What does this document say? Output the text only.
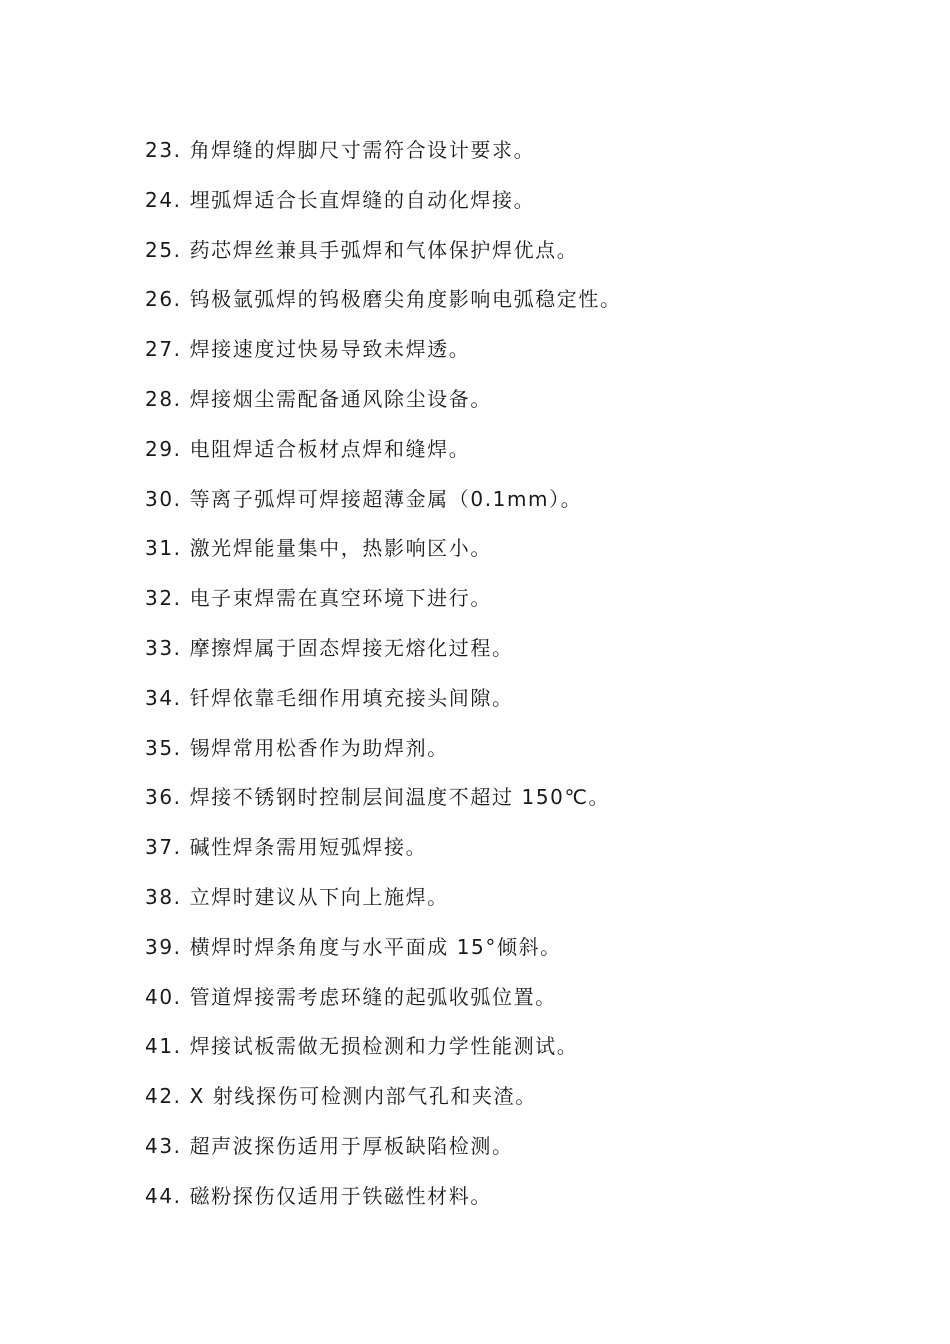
23. 角焊缝的焊脚尺寸需符合设计要求。
24. 埋弧焊适合长直焊缝的自动化焊接。
25. 药芯焊丝兼具手弧焊和气体保护焊优点。
26. 钨极氩弧焊的钨极磨尖角度影响电弧稳定性。
27. 焊接速度过快易导致未焊透。
28. 焊接烟尘需配备通风除尘设备。
29. 电阻焊适合板材点焊和缝焊。
30. 等离子弧焊可焊接超薄金属（0.1mm）。
31. 激光焊能量集中，热影响区小。
32. 电子束焊需在真空环境下进行。
33. 摩擦焊属于固态焊接无熔化过程。
34. 钎焊依靠毛细作用填充接头间隙。
35. 锡焊常用松香作为助焊剂。
36. 焊接不锈钢时控制层间温度不超过 150℃。
37. 碱性焊条需用短弧焊接。
38. 立焊时建议从下向上施焊。
39. 横焊时焊条角度与水平面成 15°倾斜。
40. 管道焊接需考虑环缝的起弧收弧位置。
41. 焊接试板需做无损检测和力学性能测试。
42. X 射线探伤可检测内部气孔和夹渣。
43. 超声波探伤适用于厚板缺陷检测。
44. 磁粉探伤仅适用于铁磁性材料。
